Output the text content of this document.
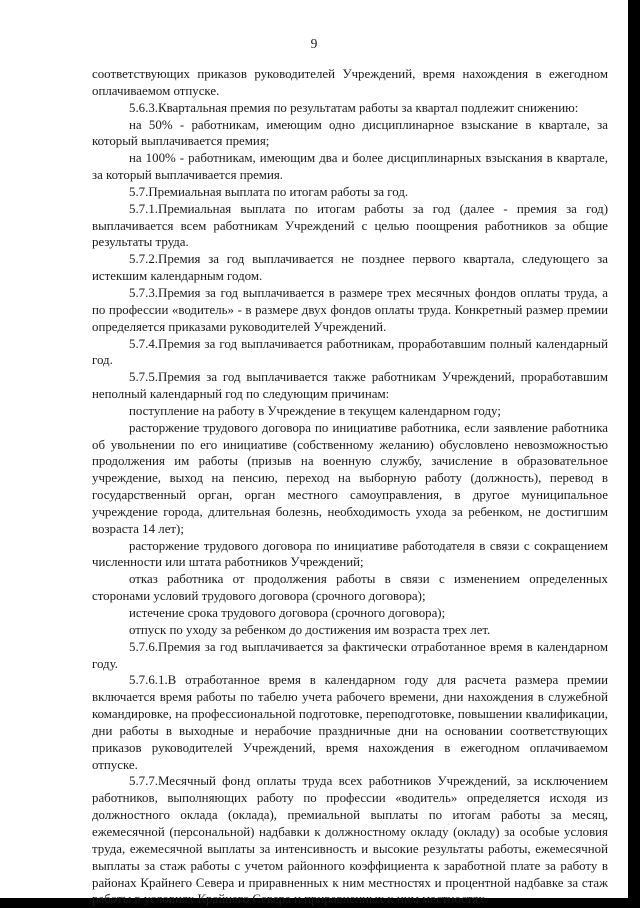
9

соответствующих приказов руководителей Учреждений, время нахождения в ежегодном оплачиваемом отпуске.

5.6.3.Квартальная премия по результатам работы за квартал подлежит снижению:

на 50% - работникам, имеющим одно дисциплинарное взыскание в квартале, за который выплачивается премия;

на 100% - работникам, имеющим два и более дисциплинарных взыскания в квартале, за который выплачивается премия.

5.7.Премиальная выплата по итогам работы за год.

5.7.1.Премиальная выплата по итогам работы за год (далее - премия за год) выплачивается всем работникам Учреждений с целью поощрения работников за общие результаты труда.

5.7.2.Премия за год выплачивается не позднее первого квартала, следующего за истекшим календарным годом.

5.7.3.Премия за год выплачивается в размере трех месячных фондов оплаты труда, а по профессии «водитель» - в размере двух фондов оплаты труда. Конкретный размер премии определяется приказами руководителей Учреждений.

5.7.4.Премия за год выплачивается работникам, проработавшим полный календарный год.

5.7.5.Премия за год выплачивается также работникам Учреждений, проработавшим неполный календарный год по следующим причинам:

поступление на работу в Учреждение в текущем календарном году;

расторжение трудового договора по инициативе работника, если заявление работника об увольнении по его инициативе (собственному желанию) обусловлено невозможностью продолжения им работы (призыв на военную службу, зачисление в образовательное учреждение, выход на пенсию, переход на выборную работу (должность), перевод в государственный орган, орган местного самоуправления, в другое муниципальное учреждение города, длительная болезнь, необходимость ухода за ребенком, не достигшим возраста 14 лет);

расторжение трудового договора по инициативе работодателя в связи с сокращением численности или штата работников Учреждений;

отказ работника от продолжения работы в связи с изменением определенных сторонами условий трудового договора (срочного договора);

истечение срока трудового договора (срочного договора);

отпуск по уходу за ребенком до достижения им возраста трех лет.

5.7.6.Премия за год выплачивается за фактически отработанное время в календарном году.

5.7.6.1.В отработанное время в календарном году для расчета размера премии включается время работы по табелю учета рабочего времени, дни нахождения в служебной командировке, на профессиональной подготовке, переподготовке, повышении квалификации, дни работы в выходные и нерабочие праздничные дни на основании соответствующих приказов руководителей Учреждений, время нахождения в ежегодном оплачиваемом отпуске.

5.7.7.Месячный фонд оплаты труда всех работников Учреждений, за исключением работников, выполняющих работу по профессии «водитель» определяется исходя из должностного оклада (оклада), премиальной выплаты по итогам работы за месяц, ежемесячной (персональной) надбавки к должностному окладу (окладу) за особые условия труда, ежемесячной выплаты за интенсивность и высокие результаты работы, ежемесячной выплаты за стаж работы с учетом районного коэффициента к заработной плате за работу в районах Крайнего Севера и приравненных к ним местностях и процентной надбавке за стаж работы в условиях Крайнего Севера и приравненных к ним местностях.
